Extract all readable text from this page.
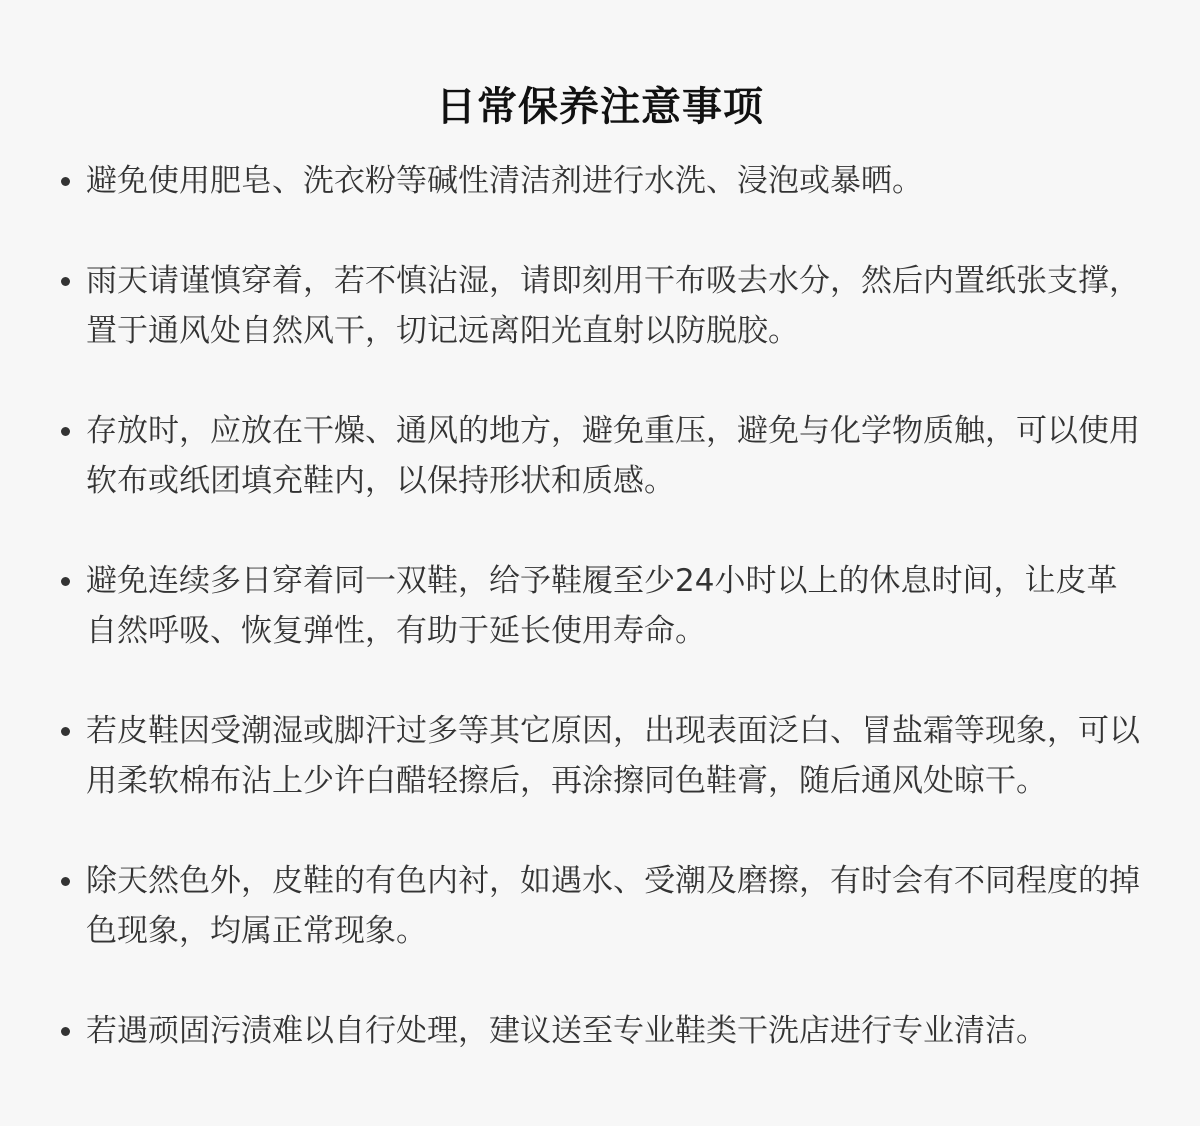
日常保养注意事项
避免使用肥皂、洗衣粉等碱性清洁剂进行水洗、浸泡或暴晒。
雨天请谨慎穿着，若不慎沾湿，请即刻用干布吸去水分，然后内置纸张支撑，置于通风处自然风干，切记远离阳光直射以防脱胶。
存放时，应放在干燥、通风的地方，避免重压，避免与化学物质触，可以使用软布或纸团填充鞋内，以保持形状和质感。
避免连续多日穿着同一双鞋，给予鞋履至少24小时以上的休息时间，让皮革自然呼吸、恢复弹性，有助于延长使用寿命。
若皮鞋因受潮湿或脚汗过多等其它原因，出现表面泛白、冒盐霜等现象，可以用柔软棉布沾上少许白醋轻擦后，再涂擦同色鞋膏，随后通风处晾干。
除天然色外，皮鞋的有色内衬，如遇水、受潮及磨擦，有时会有不同程度的掉色现象，均属正常现象。
若遇顽固污渍难以自行处理，建议送至专业鞋类干洗店进行专业清洁。
